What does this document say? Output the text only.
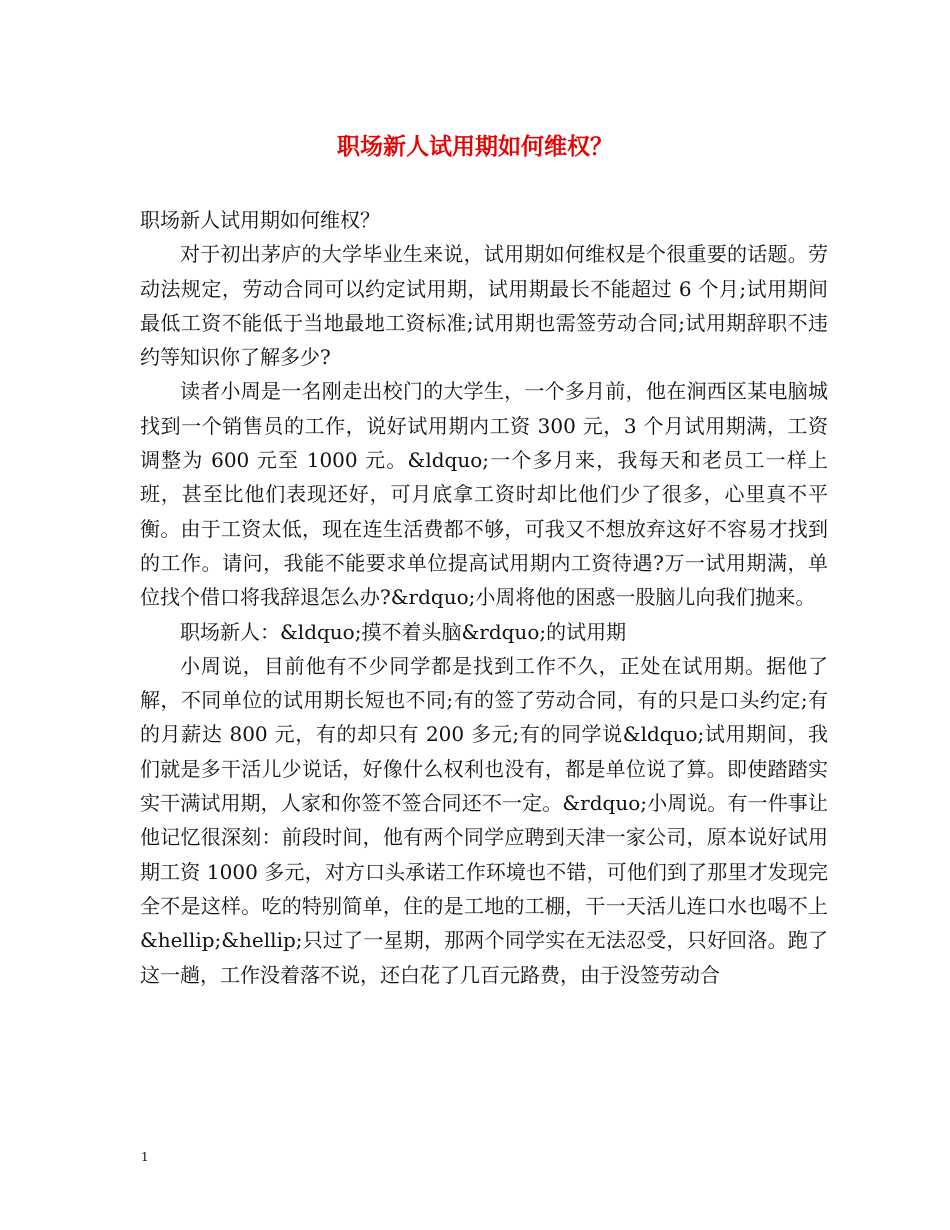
职场新人试用期如何维权？

职场新人试用期如何维权？

对于初出茅庐的大学毕业生来说，试用期如何维权是个很重要的话题。劳动法规定，劳动合同可以约定试用期，试用期最长不能超过 6 个月;试用期间最低工资不能低于当地最地工资标准;试用期也需签劳动合同;试用期辞职不违约等知识你了解多少?

读者小周是一名刚走出校门的大学生，一个多月前，他在涧西区某电脑城找到一个销售员的工作，说好试用期内工资 300 元，3 个月试用期满，工资调整为 600 元至 1000 元。&ldquo;一个多月来，我每天和老员工一样上班，甚至比他们表现还好，可月底拿工资时却比他们少了很多，心里真不平衡。由于工资太低，现在连生活费都不够，可我又不想放弃这好不容易才找到的工作。请问，我能不能要求单位提高试用期内工资待遇?万一试用期满，单位找个借口将我辞退怎么办?&rdquo;小周将他的困惑一股脑儿向我们抛来。

职场新人：&ldquo;摸不着头脑&rdquo;的试用期

小周说，目前他有不少同学都是找到工作不久，正处在试用期。据他了解，不同单位的试用期长短也不同;有的签了劳动合同，有的只是口头约定;有的月薪达 800 元，有的却只有 200 多元;有的同学说&ldquo;试用期间，我们就是多干活儿少说话，好像什么权利也没有，都是单位说了算。即使踏踏实实干满试用期，人家和你签不签合同还不一定。&rdquo;小周说。有一件事让他记忆很深刻：前段时间，他有两个同学应聘到天津一家公司，原本说好试用期工资 1000 多元，对方口头承诺工作环境也不错，可他们到了那里才发现完全不是这样。吃的特别简单，住的是工地的工棚，干一天活儿连口水也喝不上&hellip;&hellip;只过了一星期，那两个同学实在无法忍受，只好回洛。跑了这一趟，工作没着落不说，还白花了几百元路费，由于没签劳动合

1
